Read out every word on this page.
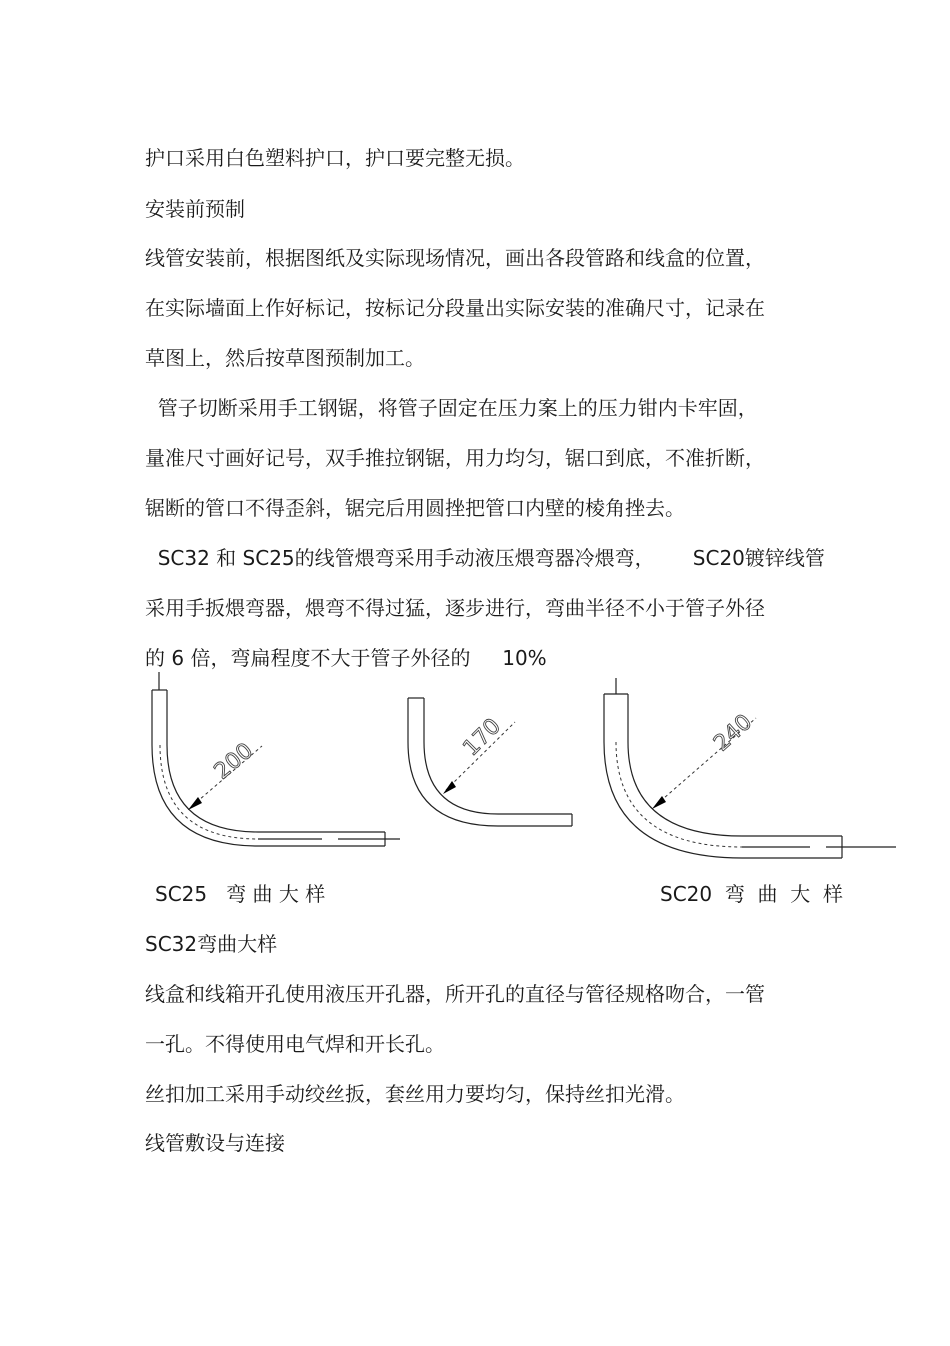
护口采用白色塑料护口，护口要完整无损。
安装前预制
线管安装前，根据图纸及实际现场情况，画出各段管路和线盒的位置，
在实际墙面上作好标记，按标记分段量出实际安装的准确尺寸，记录在
草图上，然后按草图预制加工。
管子切断采用手工钢锯，将管子固定在压力案上的压力钳内卡牢固，
量准尺寸画好记号，双手推拉钢锯，用力均匀，锯口到底，不准折断，
锯断的管口不得歪斜，锯完后用圆挫把管口内壁的棱角挫去。
SC32 和 SC25的线管煨弯采用手动液压煨弯器冷煨弯，      SC20镀锌线管
采用手扳煨弯器，煨弯不得过猛，逐步进行，弯曲半径不小于管子外径
的 6 倍，弯扁程度不大于管子外径的     10%
200
170	240
SC25   弯 曲 大 样	SC20  弯  曲  大  样
SC32弯曲大样
线盒和线箱开孔使用液压开孔器，所开孔的直径与管径规格吻合，一管
一孔。不得使用电气焊和开长孔。
丝扣加工采用手动绞丝扳，套丝用力要均匀，保持丝扣光滑。
线管敷设与连接
